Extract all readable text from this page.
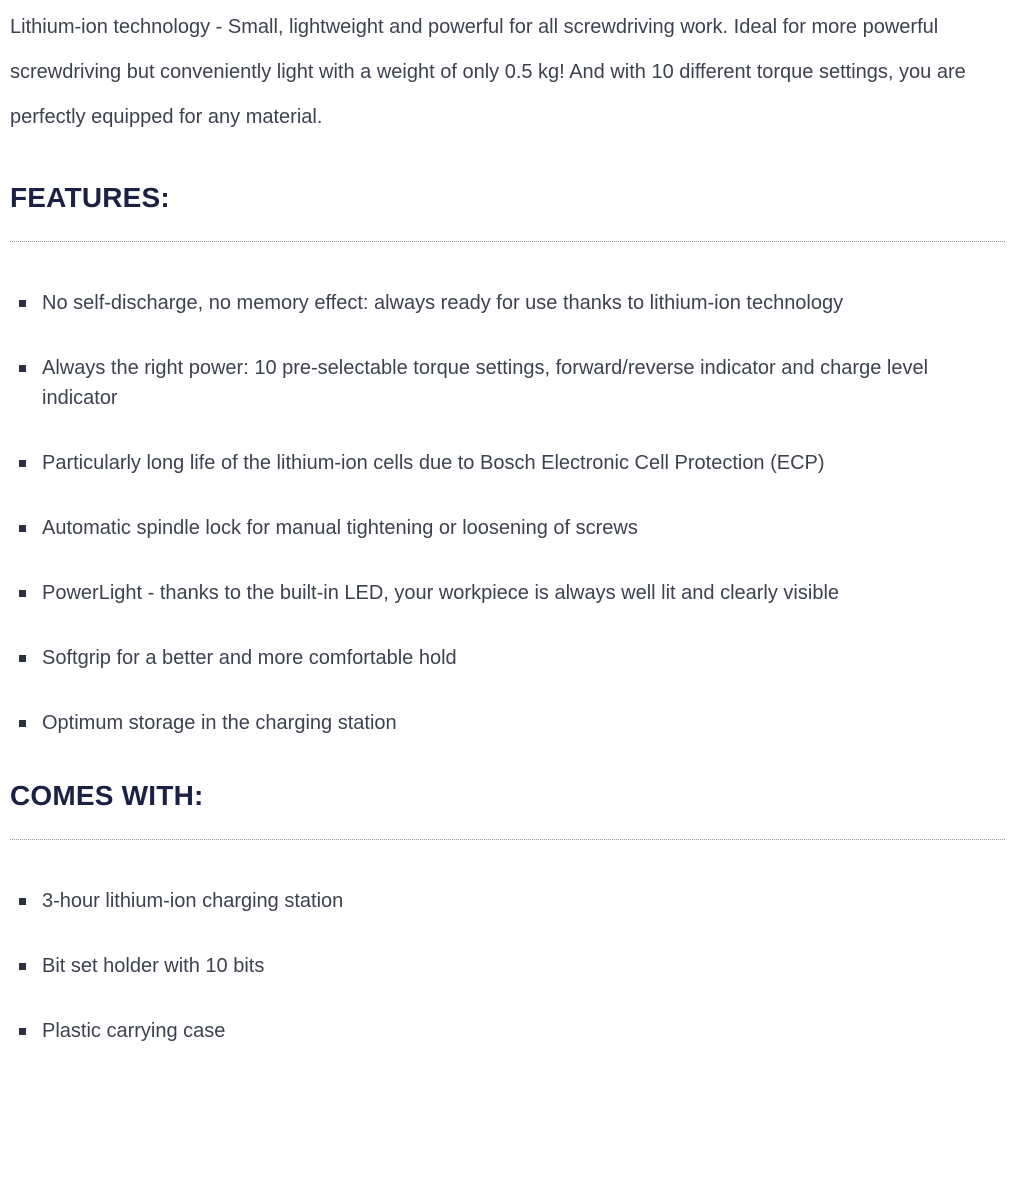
Lithium-ion technology - Small, lightweight and powerful for all screwdriving work. Ideal for more powerful screwdriving but conveniently light with a weight of only 0.5 kg! And with 10 different torque settings, you are perfectly equipped for any material.

FEATURES:
No self-discharge, no memory effect: always ready for use thanks to lithium-ion technology
Always the right power: 10 pre-selectable torque settings, forward/reverse indicator and charge level indicator
Particularly long life of the lithium-ion cells due to Bosch Electronic Cell Protection (ECP)
Automatic spindle lock for manual tightening or loosening of screws
PowerLight - thanks to the built-in LED, your workpiece is always well lit and clearly visible
Softgrip for a better and more comfortable hold
Optimum storage in the charging station
COMES WITH:
3-hour lithium-ion charging station
Bit set holder with 10 bits
Plastic carrying case
